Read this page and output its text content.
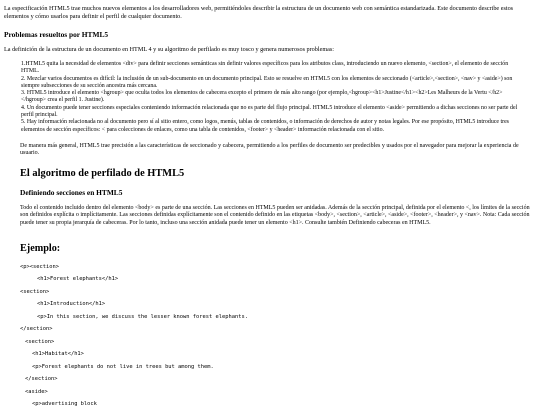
La especificación HTML5 trae muchos nuevos elementos a los desarrolladores web, permitiéndoles describir la estructura de un documento web con semántica estandarizada. Este documento describe estos elementos y cómo usarlos para definir el perfil de cualquier documento.

Problemas resueltos por HTML5

La definición de la estructura de un documento en HTML 4 y su algoritmo de perfilado es muy tosco y genera numerosos problemas:

1.HTML5 quita la necesidad de elementos <div> para definir secciones semánticas sin definir valores específicos para los atributos class, introduciendo un nuevo elemento, <section>, el elemento de sección HTML.
2. Mezclar varios documentos es difícil: la inclusión de un sub-documento en un documento principal. Esto se resuelve en HTML5 con los elementos de seccionado (<article>,<section>, <nav> y <aside>) son siempre subsecciones de su sección ancestra más cercana.
3. HTML5 introduce el elemento <hgroup> que oculta todos los elementos de cabecera excepto el primero de más alto rango (por ejemplo,<hgroup><h1>Justine</h1><h2>Les Malheurs de la Vertu </h2></hgroup> crea el perfil 1. Justine).
4. Un documento puede tener secciones especiales conteniendo información relacionada que no es parte del flujo principal. HTML5 introduce el elemento <aside> permitiendo a dichas secciones no ser parte del perfil principal.
5. Hay información relacionada no al documento pero sí al sitio entero, como logos, menús, tablas de contenidos, o información de derechos de autor y notas legales. Por ese propósito, HTML5 introduce tres elementos de sección específicos: < para colecciones de enlaces, como una tabla de contenidos, <footer> y <header> información relacionada con el sitio.

De manera más general, HTML5 trae precisión a las características de seccionado y cabecera, permitiendo a los perfiles de documento ser predecibles y usados por el navegador para mejorar la experiencia de usuario.

El algoritmo de perfilado de HTML5
Definiendo secciones en HTML5

Todo el contenido incluido dentro del elemento <body> es parte de una sección. Las secciones en HTML5 pueden ser anidadas. Además de la sección principal, definida por el elemento <, los límites de la sección son definidos explícita o implícitamente. Las secciones definidas explícitamente son el contenido definido en las etiquetas <body>, <section>, <article>, <aside>, <footer>, <header>, y <nav>. Nota: Cada sección puede tener su propia jerarquía de cabeceras. Por lo tanto, incluso una sección anidada puede tener un elemento <h1>. Consulte también Definiendo cabeceras en HTML5.

Ejemplo:
<p><section>
<h1>Forest elephants</h1>
<section>
<h1>Introduction</h1>
<p>In this section, we discuss the lesser known forest elephants.
</section>
<section>
<h1>Habitat</h1>
<p>Forest elephants do not live in trees but among them.
</section>
<aside>
<p>advertising block
